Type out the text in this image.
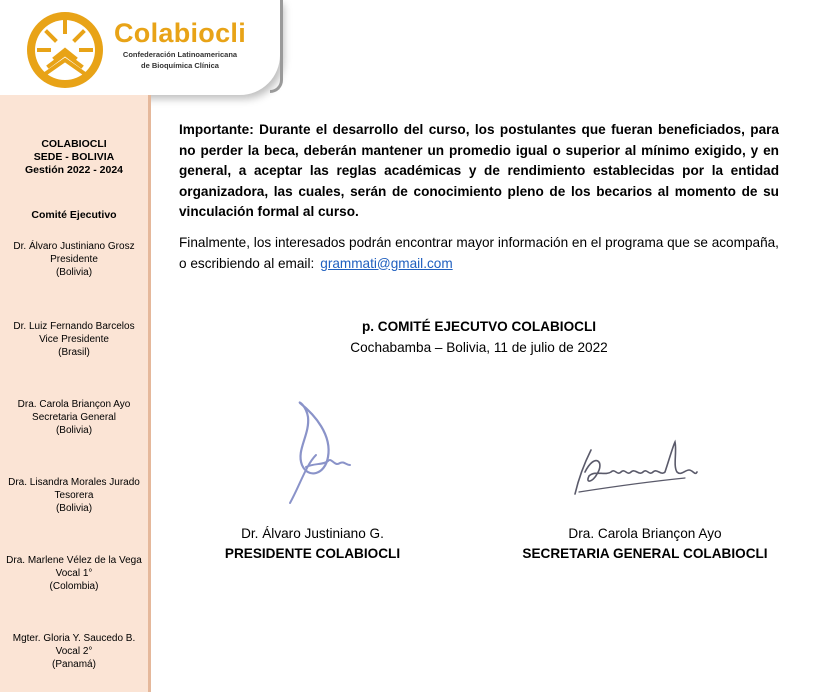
Colabiocli
Confederación Latinoamericana
de Bioquímica Clínica
COLABIOCLI
SEDE - BOLIVIA
Gestión 2022 - 2024
Comité Ejecutivo
Dr. Álvaro Justiniano Grosz
Presidente
(Bolivia)
Dr. Luiz Fernando Barcelos
Vice Presidente
(Brasil)
Dra. Carola Briançon Ayo
Secretaria General
(Bolivia)
Dra. Lisandra Morales Jurado
Tesorera
(Bolivia)
Dra. Marlene Vélez de la Vega
Vocal 1°
(Colombia)
Mgter. Gloria Y. Saucedo B.
Vocal 2°
(Panamá)

Importante: Durante el desarrollo del curso, los postulantes que fueran beneficiados, para no perder la beca, deberán mantener un promedio igual o superior al mínimo exigido, y en general, a aceptar las reglas académicas y de rendimiento establecidas por la entidad organizadora, las cuales, serán de conocimiento pleno de los becarios al momento de su vinculación formal al curso.

Finalmente, los interesados podrán encontrar mayor información en el programa que se acompaña, o escribiendo al email: grammati@gmail.com

p. COMITÉ EJECUTVO COLABIOCLI
Cochabamba – Bolivia, 11 de julio de 2022
Dr. Álvaro Justiniano G.
PRESIDENTE COLABIOCLI
Dra. Carola Briançon Ayo
SECRETARIA GENERAL COLABIOCLI
